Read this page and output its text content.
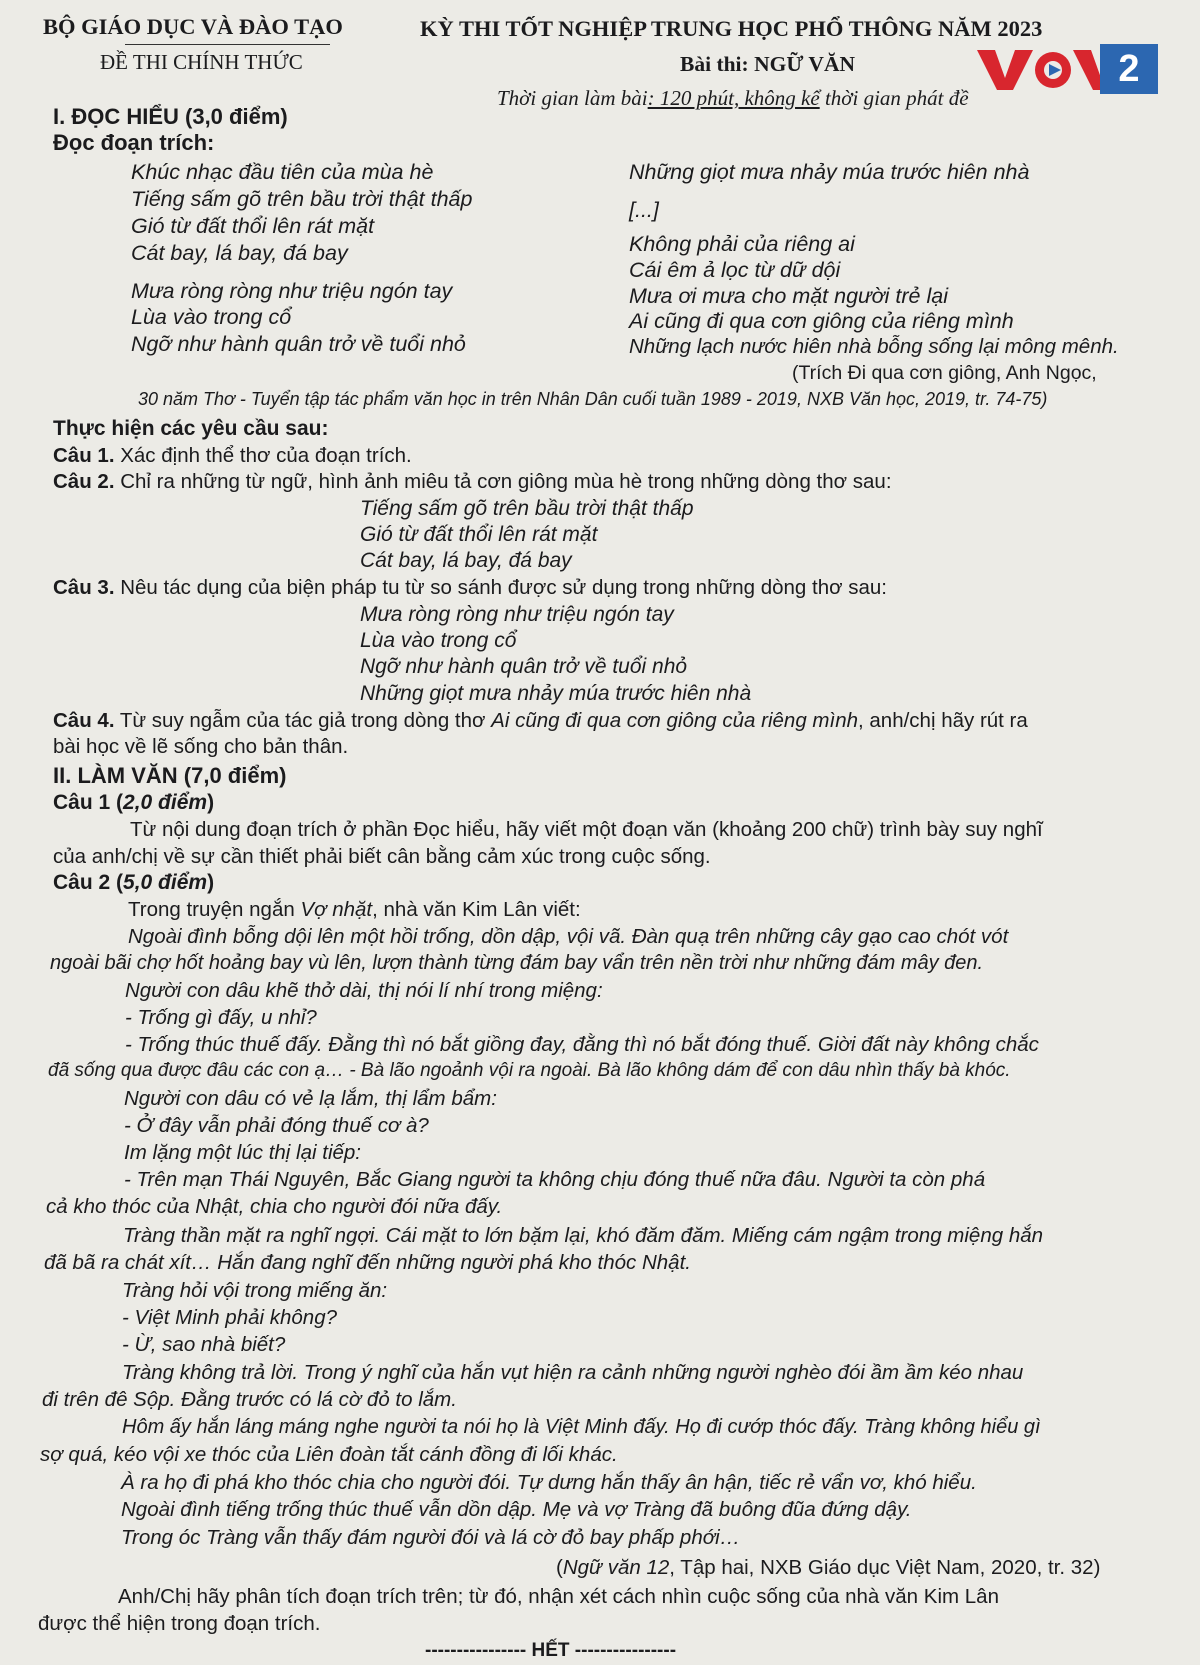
BỘ GIÁO DỤC VÀ ĐÀO TẠO
ĐỀ THI CHÍNH THỨC
KỲ THI TỐT NGHIỆP TRUNG HỌC PHỔ THÔNG NĂM 2023
Bài thi: NGỮ VĂN
Thời gian làm bài: 120 phút, không kể thời gian phát đề
2
I. ĐỌC HIỂU (3,0 điểm)
Đọc đoạn trích:
Khúc nhạc đầu tiên của mùa hè
Tiếng sấm gõ trên bầu trời thật thấp
Gió từ đất thổi lên rát mặt
Cát bay, lá bay, đá bay
Mưa ròng ròng như triệu ngón tay
Lùa vào trong cổ
Ngỡ như hành quân trở về tuổi nhỏ
Những giọt mưa nhảy múa trước hiên nhà
[...]
Không phải của riêng ai
Cái êm ả lọc từ dữ dội
Mưa ơi mưa cho mặt người trẻ lại
Ai cũng đi qua cơn giông của riêng mình
Những lạch nước hiên nhà bỗng sống lại mông mênh.
(Trích Đi qua cơn giông, Anh Ngọc,
30 năm Thơ - Tuyển tập tác phẩm văn học in trên Nhân Dân cuối tuần 1989 - 2019, NXB Văn học, 2019, tr. 74-75)
Thực hiện các yêu cầu sau:
Câu 1. Xác định thể thơ của đoạn trích.
Câu 2. Chỉ ra những từ ngữ, hình ảnh miêu tả cơn giông mùa hè trong những dòng thơ sau:
Tiếng sấm gõ trên bầu trời thật thấp
Gió từ đất thổi lên rát mặt
Cát bay, lá bay, đá bay
Câu 3. Nêu tác dụng của biện pháp tu từ so sánh được sử dụng trong những dòng thơ sau:
Mưa ròng ròng như triệu ngón tay
Lùa vào trong cổ
Ngỡ như hành quân trở về tuổi nhỏ
Những giọt mưa nhảy múa trước hiên nhà
Câu 4. Từ suy ngẫm của tác giả trong dòng thơ Ai cũng đi qua cơn giông của riêng mình, anh/chị hãy rút ra
bài học về lẽ sống cho bản thân.
II. LÀM VĂN (7,0 điểm)
Câu 1 (2,0 điểm)
Từ nội dung đoạn trích ở phần Đọc hiểu, hãy viết một đoạn văn (khoảng 200 chữ) trình bày suy nghĩ
của anh/chị về sự cần thiết phải biết cân bằng cảm xúc trong cuộc sống.
Câu 2 (5,0 điểm)
Trong truyện ngắn Vợ nhặt, nhà văn Kim Lân viết:
Ngoài đình bỗng dội lên một hồi trống, dồn dập, vội vã. Đàn quạ trên những cây gạo cao chót vót
ngoài bãi chợ hốt hoảng bay vù lên, lượn thành từng đám bay vẩn trên nền trời như những đám mây đen.
Người con dâu khẽ thở dài, thị nói lí nhí trong miệng:
- Trống gì đấy, u nhỉ?
- Trống thúc thuế đấy. Đằng thì nó bắt giồng đay, đằng thì nó bắt đóng thuế. Giời đất này không chắc
đã sống qua được đâu các con ạ… - Bà lão ngoảnh vội ra ngoài. Bà lão không dám để con dâu nhìn thấy bà khóc.
Người con dâu có vẻ lạ lắm, thị lẩm bẩm:
- Ở đây vẫn phải đóng thuế cơ à?
Im lặng một lúc thị lại tiếp:
- Trên mạn Thái Nguyên, Bắc Giang người ta không chịu đóng thuế nữa đâu. Người ta còn phá
cả kho thóc của Nhật, chia cho người đói nữa đấy.
Tràng thần mặt ra nghĩ ngợi. Cái mặt to lớn bặm lại, khó đăm đăm. Miếng cám ngậm trong miệng hắn
đã bã ra chát xít… Hắn đang nghĩ đến những người phá kho thóc Nhật.
Tràng hỏi vội trong miếng ăn:
- Việt Minh phải không?
- Ừ, sao nhà biết?
Tràng không trả lời. Trong ý nghĩ của hắn vụt hiện ra cảnh những người nghèo đói ầm ầm kéo nhau
đi trên đê Sộp. Đằng trước có lá cờ đỏ to lắm.
Hôm ấy hắn láng máng nghe người ta nói họ là Việt Minh đấy. Họ đi cướp thóc đấy. Tràng không hiểu gì
sợ quá, kéo vội xe thóc của Liên đoàn tắt cánh đồng đi lối khác.
À ra họ đi phá kho thóc chia cho người đói. Tự dưng hắn thấy ân hận, tiếc rẻ vẩn vơ, khó hiểu.
Ngoài đình tiếng trống thúc thuế vẫn dồn dập. Mẹ và vợ Tràng đã buông đũa đứng dậy.
Trong óc Tràng vẫn thấy đám người đói và lá cờ đỏ bay phấp phới…
(Ngữ văn 12, Tập hai, NXB Giáo dục Việt Nam, 2020, tr. 32)
Anh/Chị hãy phân tích đoạn trích trên; từ đó, nhận xét cách nhìn cuộc sống của nhà văn Kim Lân
được thể hiện trong đoạn trích.
---------------- HẾT ----------------
